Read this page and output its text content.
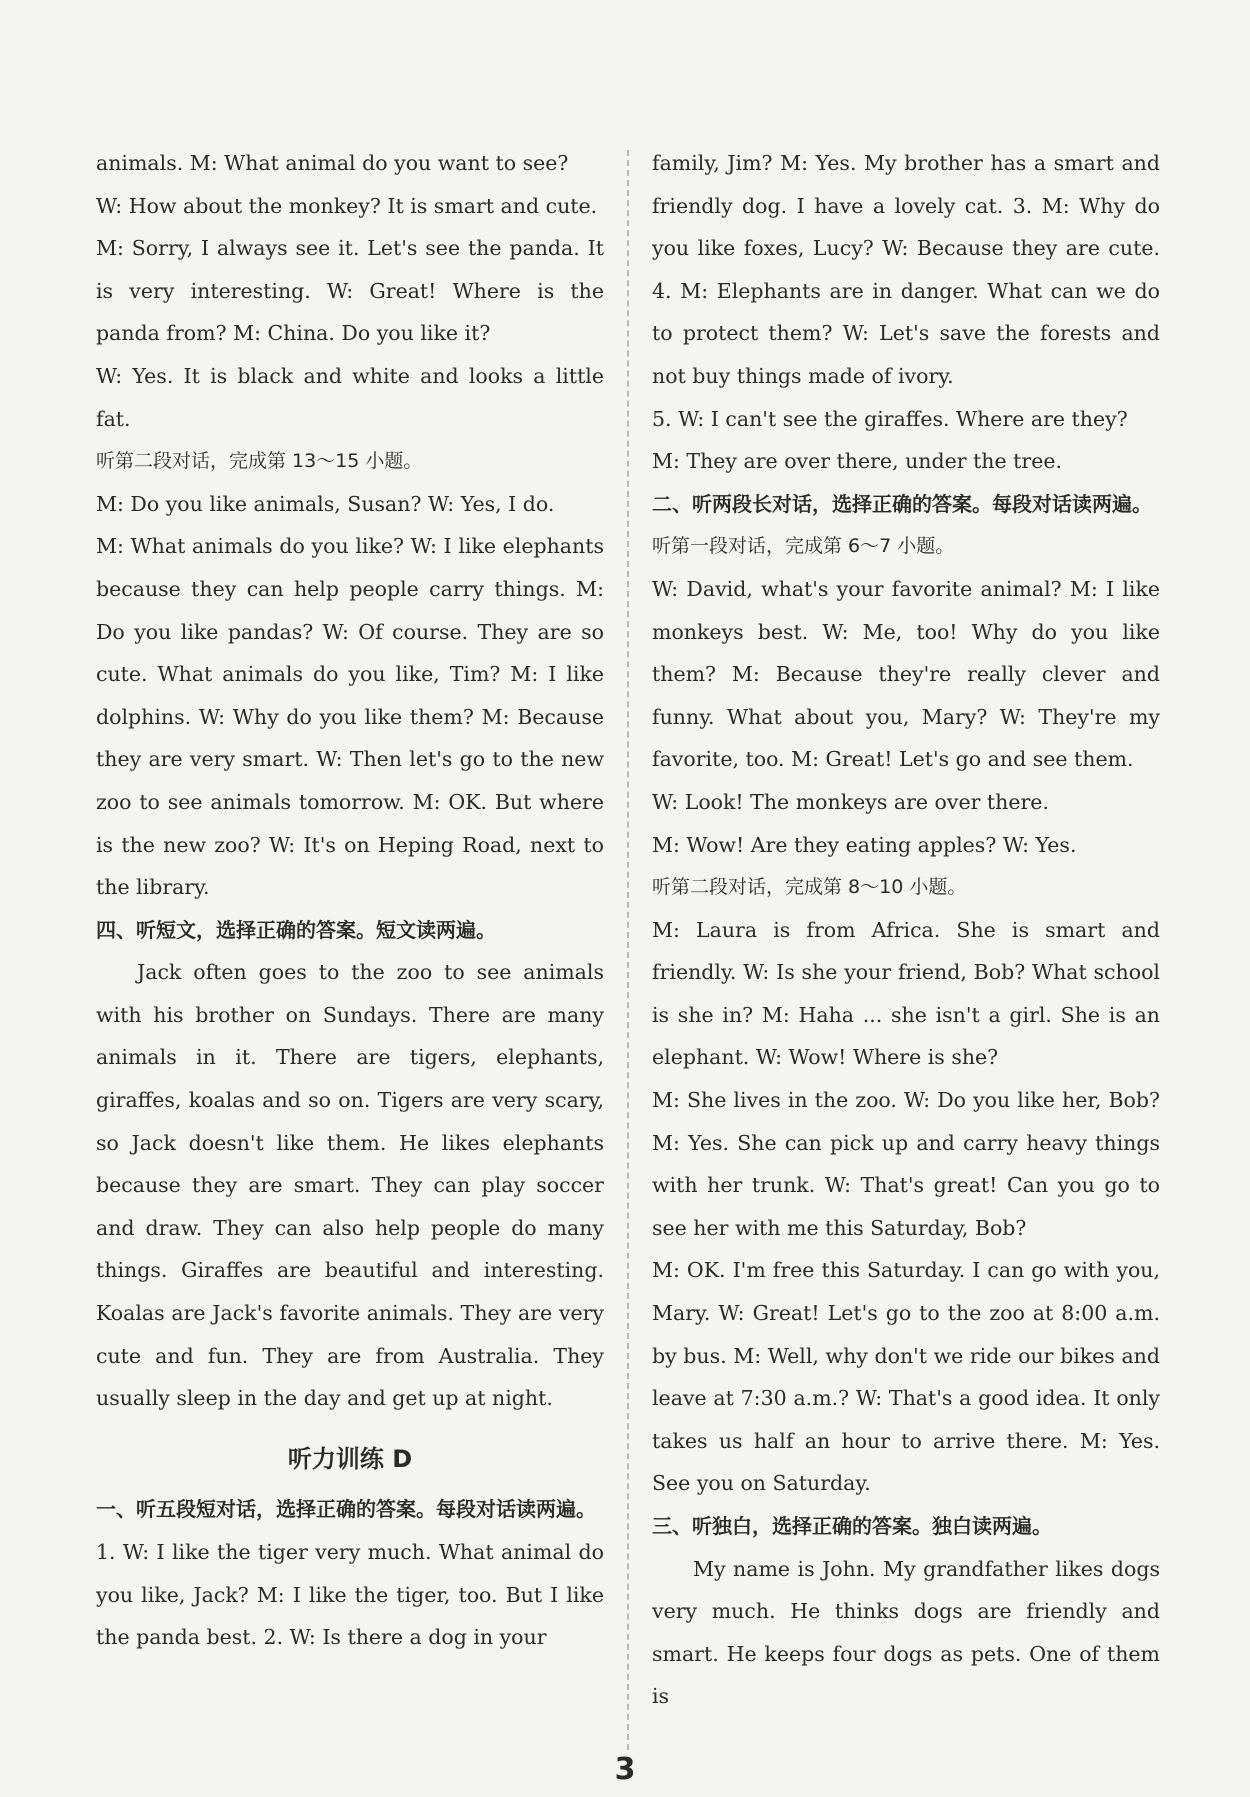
animals. M: What animal do you want to see?

W: How about the monkey? It is smart and cute.

M: Sorry, I always see it. Let's see the panda. It is very interesting. W: Great! Where is the panda from? M: China. Do you like it?

W: Yes. It is black and white and looks a little fat.

听第二段对话，完成第 13～15 小题。

M: Do you like animals, Susan? W: Yes, I do.

M: What animals do you like? W: I like elephants because they can help people carry things. M: Do you like pandas? W: Of course. They are so cute. What animals do you like, Tim? M: I like dolphins. W: Why do you like them? M: Because they are very smart. W: Then let's go to the new zoo to see animals tomorrow. M: OK. But where is the new zoo? W: It's on Heping Road, next to the library.

四、听短文，选择正确的答案。短文读两遍。

Jack often goes to the zoo to see animals with his brother on Sundays. There are many animals in it. There are tigers, elephants, giraffes, koalas and so on. Tigers are very scary, so Jack doesn't like them. He likes elephants because they are smart. They can play soccer and draw. They can also help people do many things. Giraffes are beautiful and interesting. Koalas are Jack's favorite animals. They are very cute and fun. They are from Australia. They usually sleep in the day and get up at night.

听力训练 D

一、听五段短对话，选择正确的答案。每段对话读两遍。

1. W: I like the tiger very much. What animal do you like, Jack? M: I like the tiger, too. But I like the panda best. 2. W: Is there a dog in your

family, Jim? M: Yes. My brother has a smart and friendly dog. I have a lovely cat. 3. M: Why do you like foxes, Lucy? W: Because they are cute. 4. M: Elephants are in danger. What can we do to protect them? W: Let's save the forests and not buy things made of ivory.

5. W: I can't see the giraffes. Where are they?

M: They are over there, under the tree.

二、听两段长对话，选择正确的答案。每段对话读两遍。

听第一段对话，完成第 6～7 小题。

W: David, what's your favorite animal? M: I like monkeys best. W: Me, too! Why do you like them? M: Because they're really clever and funny. What about you, Mary? W: They're my favorite, too. M: Great! Let's go and see them.

W: Look! The monkeys are over there.

M: Wow! Are they eating apples? W: Yes.

听第二段对话，完成第 8～10 小题。

M: Laura is from Africa. She is smart and friendly. W: Is she your friend, Bob? What school is she in? M: Haha ... she isn't a girl. She is an elephant. W: Wow! Where is she?

M: She lives in the zoo. W: Do you like her, Bob? M: Yes. She can pick up and carry heavy things with her trunk. W: That's great! Can you go to see her with me this Saturday, Bob?

M: OK. I'm free this Saturday. I can go with you, Mary. W: Great! Let's go to the zoo at 8:00 a.m. by bus. M: Well, why don't we ride our bikes and leave at 7:30 a.m.? W: That's a good idea. It only takes us half an hour to arrive there. M: Yes. See you on Saturday.

三、听独白，选择正确的答案。独白读两遍。

My name is John. My grandfather likes dogs very much. He thinks dogs are friendly and smart. He keeps four dogs as pets. One of them is

3
